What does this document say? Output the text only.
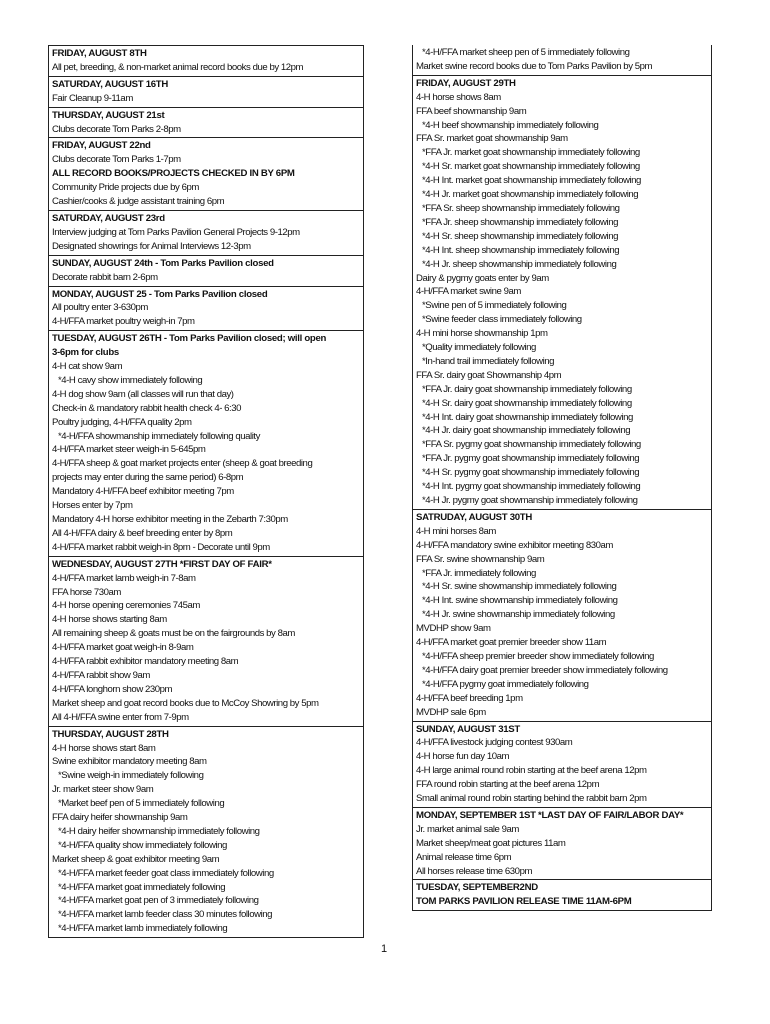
FRIDAY, AUGUST 8TH
All pet, breeding, & non-market animal record books due by 12pm
SATURDAY, AUGUST 16TH
Fair Cleanup 9-11am
THURSDAY, AUGUST 21st
Clubs decorate Tom Parks 2-8pm
FRIDAY, AUGUST 22nd
Clubs decorate Tom Parks 1-7pm
ALL RECORD BOOKS/PROJECTS CHECKED IN BY 6PM
Community Pride projects due by 6pm
Cashier/cooks & judge assistant training 6pm
SATURDAY, AUGUST 23rd
Interview judging at Tom Parks Pavilion General Projects 9-12pm
Designated showrings for Animal Interviews 12-3pm
SUNDAY, AUGUST 24th - Tom Parks Pavilion closed
Decorate rabbit barn 2-6pm
MONDAY, AUGUST 25 - Tom Parks Pavilion closed
All poultry enter 3-630pm
4-H/FFA market poultry weigh-in 7pm
TUESDAY, AUGUST 26TH - Tom Parks Pavilion closed; will open
3-6pm for clubs
4-H cat show 9am
*4-H cavy show immediately following
4-H dog show 9am (all classes will run that day)
Check-in & mandatory rabbit health check 4- 6:30
Poultry judging, 4-H/FFA quality 2pm
*4-H/FFA showmanship immediately following quality
4-H/FFA market steer weigh-in 5-645pm
4-H/FFA sheep & goat market projects enter (sheep & goat breeding
projects may enter during the same period) 6-8pm
Mandatory 4-H/FFA beef exhibitor meeting 7pm
Horses enter by 7pm
Mandatory 4-H horse exhibitor meeting in the Zebarth 7:30pm
All 4-H/FFA dairy & beef breeding enter by 8pm
4-H/FFA market rabbit weigh-in 8pm - Decorate until 9pm
WEDNESDAY, AUGUST 27TH *FIRST DAY OF FAIR*
4-H/FFA market lamb weigh-in 7-8am
FFA horse 730am
4-H horse opening ceremonies 745am
4-H horse shows starting 8am
All remaining sheep & goats must be on the fairgrounds by 8am
4-H/FFA market goat weigh-in 8-9am
4-H/FFA rabbit exhibitor mandatory meeting 8am
4-H/FFA rabbit show 9am
4-H/FFA longhorn show 230pm
Market sheep and goat record books due to McCoy Showring by 5pm
All 4-H/FFA swine enter from 7-9pm
THURSDAY, AUGUST 28TH
4-H horse shows start 8am
Swine exhibitor mandatory meeting 8am
*Swine weigh-in immediately following
Jr. market steer show 9am
*Market beef pen of 5 immediately following
FFA dairy heifer showmanship 9am
*4-H dairy heifer showmanship immediately following
*4-H/FFA quality show immediately following
Market sheep & goat exhibitor meeting 9am
*4-H/FFA market feeder goat class immediately following
*4-H/FFA market goat immediately following
*4-H/FFA market goat pen of 3 immediately following
*4-H/FFA market lamb feeder class 30 minutes following
*4-H/FFA market lamb immediately following
*4-H/FFA market sheep pen of 5 immediately following
Market swine record books due to Tom Parks Pavilion by 5pm
FRIDAY, AUGUST 29TH
4-H horse shows 8am
FFA beef showmanship 9am
*4-H beef showmanship immediately following
FFA Sr. market goat showmanship 9am
*FFA Jr. market goat showmanship immediately following
*4-H Sr. market goat showmanship immediately following
*4-H Int. market goat showmanship immediately following
*4-H Jr. market goat showmanship immediately following
*FFA Sr. sheep showmanship immediately following
*FFA Jr. sheep showmanship immediately following
*4-H Sr. sheep showmanship immediately following
*4-H Int. sheep showmanship immediately following
*4-H Jr. sheep showmanship immediately following
Dairy & pygmy goats enter by 9am
4-H/FFA market swine 9am
*Swine pen of 5 immediately following
*Swine feeder class immediately following
4-H mini horse showmanship 1pm
*Quality immediately following
*In-hand trail immediately following
FFA Sr. dairy goat Showmanship 4pm
*FFA Jr. dairy goat showmanship immediately following
*4-H Sr. dairy goat showmanship immediately following
*4-H Int. dairy goat showmanship immediately following
*4-H Jr. dairy goat showmanship immediately following
*FFA Sr. pygmy goat showmanship immediately following
*FFA Jr. pygmy goat showmanship immediately following
*4-H Sr. pygmy goat showmanship immediately following
*4-H Int. pygmy goat showmanship immediately following
*4-H Jr. pygmy goat showmanship immediately following
SATRUDAY, AUGUST 30TH
4-H mini horses 8am
4-H/FFA mandatory swine exhibitor meeting 830am
FFA Sr. swine showmanship 9am
*FFA Jr. immediately following
*4-H Sr. swine showmanship immediately following
*4-H Int. swine showmanship immediately following
*4-H Jr. swine showmanship immediately following
MVDHP show 9am
4-H/FFA market goat premier breeder show 11am
*4-H/FFA sheep premier breeder show immediately following
*4-H/FFA dairy goat premier breeder show immediately following
*4-H/FFA pygmy goat immediately following
4-H/FFA beef breeding 1pm
MVDHP sale 6pm
SUNDAY, AUGUST 31ST
4-H/FFA livestock judging contest 930am
4-H horse fun day 10am
4-H large animal round robin starting at the beef arena 12pm
FFA round robin starting at the beef arena 12pm
Small animal round robin starting behind the rabbit barn 2pm
MONDAY, SEPTEMBER 1ST *LAST DAY OF FAIR/LABOR DAY*
Jr. market animal sale 9am
Market sheep/meat goat pictures 11am
Animal release time 6pm
All horses release time 630pm
TUESDAY, SEPTEMBER2ND
TOM PARKS PAVILION RELEASE TIME 11AM-6PM
1
